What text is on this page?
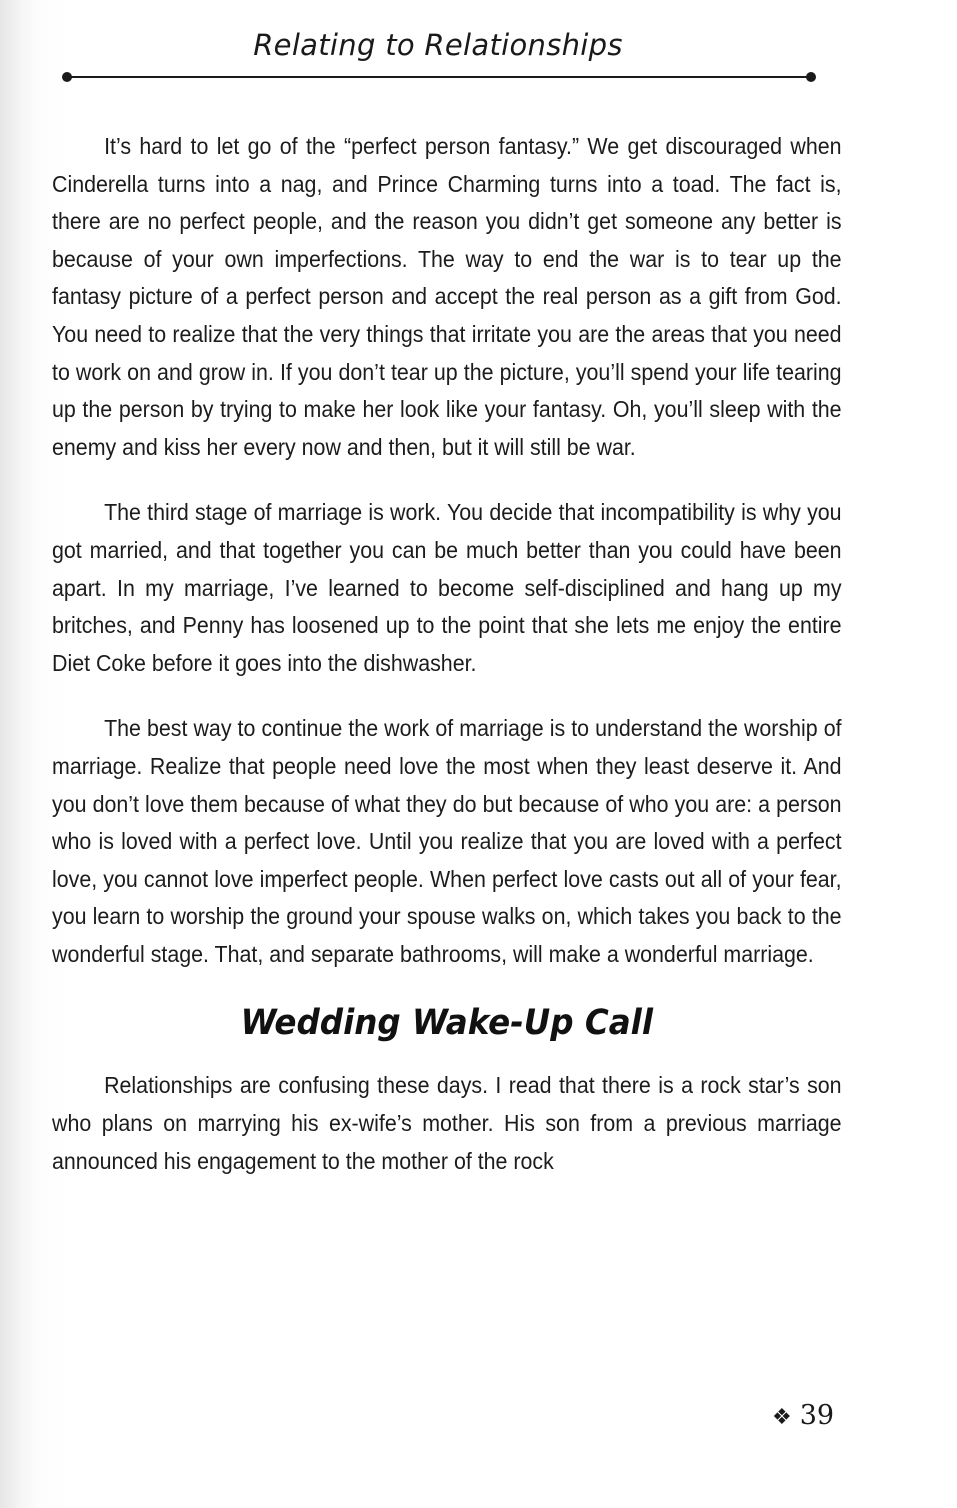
Relating to Relationships

It’s hard to let go of the “perfect person fantasy.” We get discouraged when Cinderella turns into a nag, and Prince Charming turns into a toad. The fact is, there are no perfect people, and the reason you didn’t get someone any better is because of your own imperfections. The way to end the war is to tear up the fantasy picture of a perfect person and accept the real person as a gift from God. You need to realize that the very things that irritate you are the areas that you need to work on and grow in. If you don’t tear up the picture, you’ll spend your life tearing up the person by trying to make her look like your fantasy. Oh, you’ll sleep with the enemy and kiss her every now and then, but it will still be war.

The third stage of marriage is work. You decide that incompatibility is why you got married, and that together you can be much better than you could have been apart. In my marriage, I’ve learned to become self-disciplined and hang up my britches, and Penny has loosened up to the point that she lets me enjoy the entire Diet Coke before it goes into the dishwasher.

The best way to continue the work of marriage is to understand the worship of marriage. Realize that people need love the most when they least deserve it. And you don’t love them because of what they do but because of who you are: a person who is loved with a perfect love. Until you realize that you are loved with a perfect love, you cannot love imperfect people. When perfect love casts out all of your fear, you learn to worship the ground your spouse walks on, which takes you back to the wonderful stage. That, and separate bathrooms, will make a wonderful marriage.

Wedding Wake-Up Call

Relationships are confusing these days. I read that there is a rock star’s son who plans on marrying his ex-wife’s mother. His son from a previous marriage announced his engagement to the mother of the rock

❖ 39
